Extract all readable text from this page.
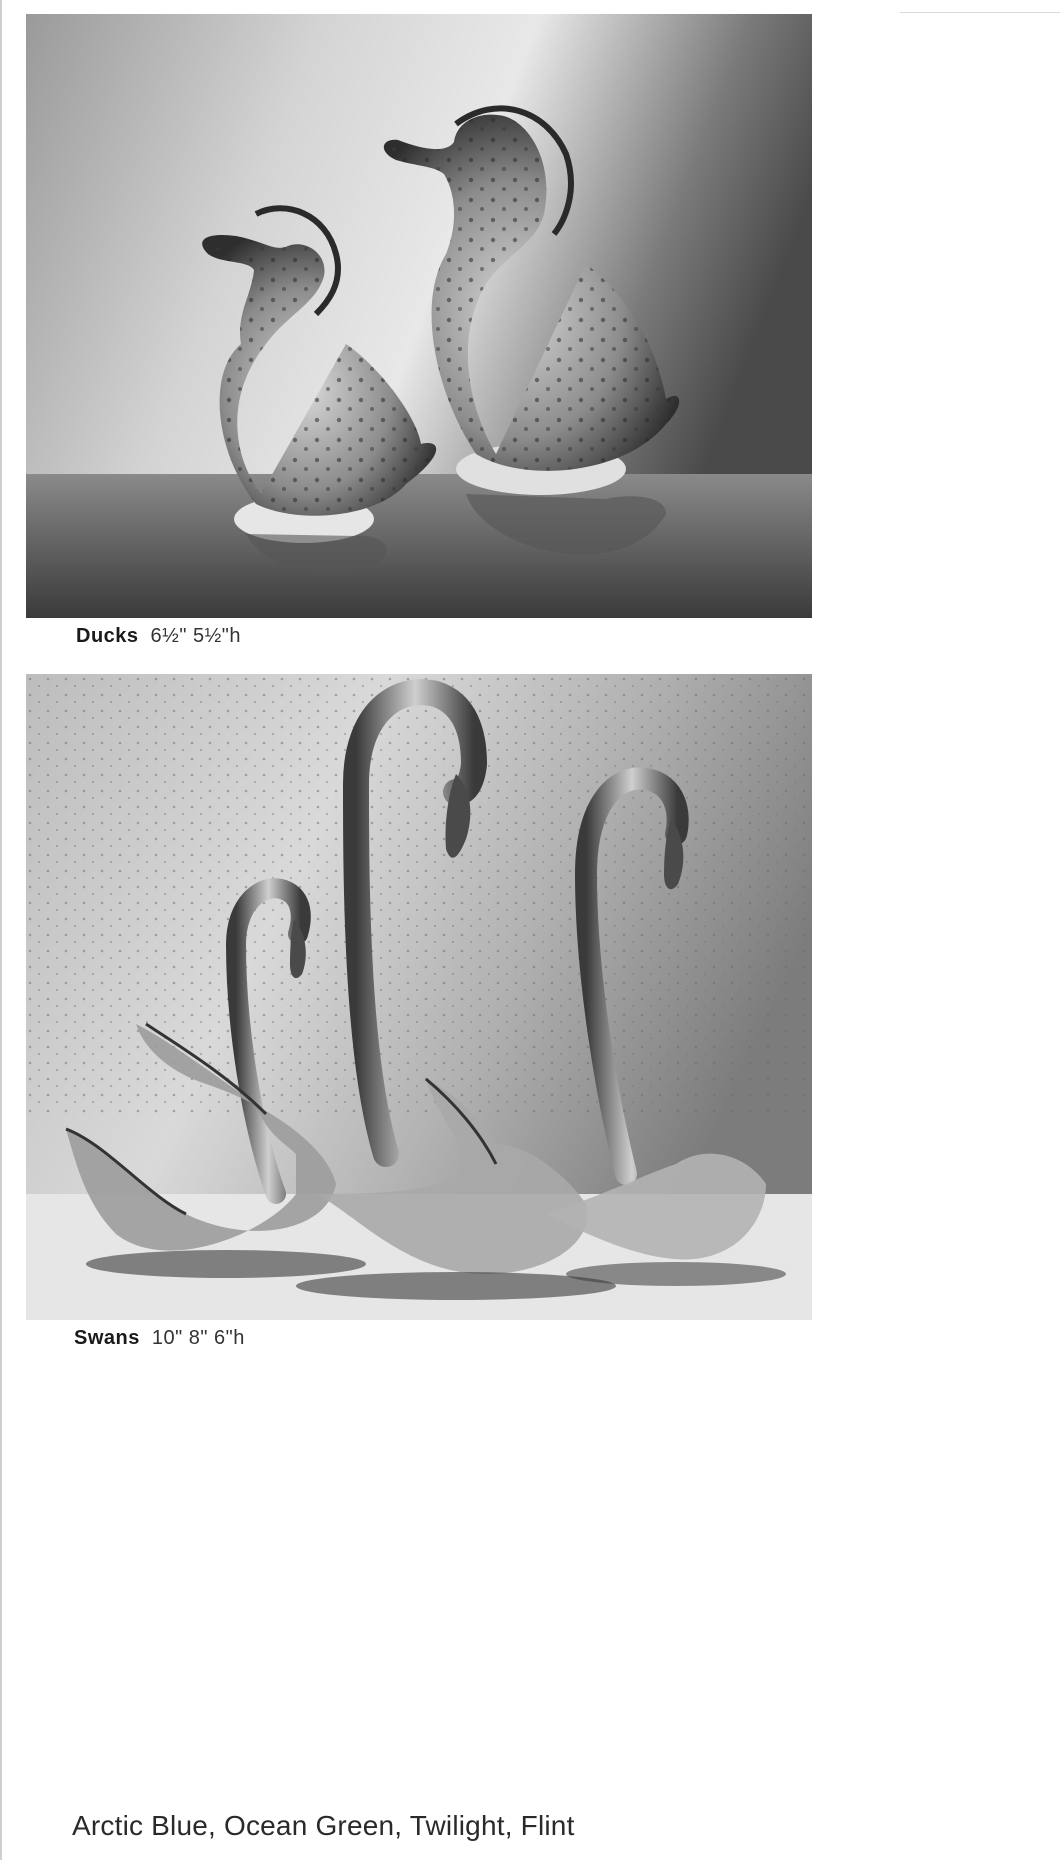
Ducks 6½" 5½"h
Swans 10" 8" 6"h
Arctic Blue, Ocean Green, Twilight, Flint
